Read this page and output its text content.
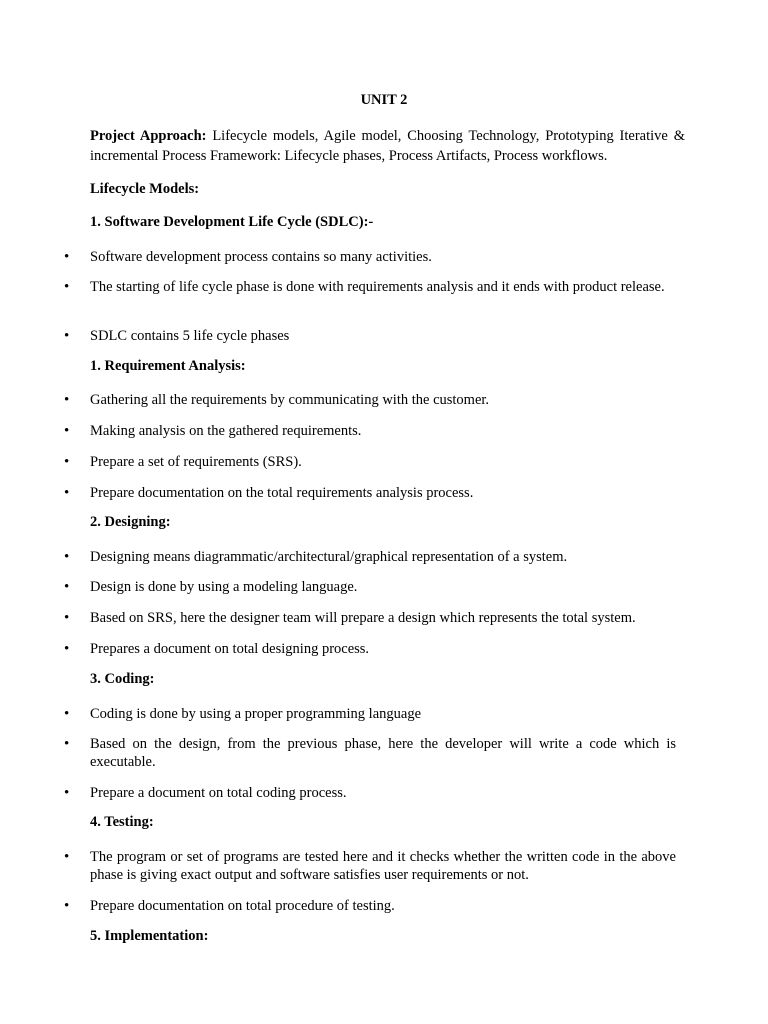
UNIT 2
Project Approach: Lifecycle models, Agile model, Choosing Technology, Prototyping Iterative & incremental Process Framework: Lifecycle phases, Process Artifacts, Process workflows.
Lifecycle Models:
1. Software Development Life Cycle (SDLC):-
• Software development process contains so many activities.
• The starting of life cycle phase is done with requirements analysis and it ends with product release.
• SDLC contains 5 life cycle phases
1. Requirement Analysis:
• Gathering all the requirements by communicating with the customer.
• Making analysis on the gathered requirements.
• Prepare a set of requirements (SRS).
• Prepare documentation on the total requirements analysis process.
2. Designing:
• Designing means diagrammatic/architectural/graphical representation of a system.
• Design is done by using a modeling language.
• Based on SRS, here the designer team will prepare a design which represents the total system.
• Prepares a document on total designing process.
3. Coding:
• Coding is done by using a proper programming language
• Based on the design, from the previous phase, here the developer will write a code which is executable.
• Prepare a document on total coding process.
4. Testing:
• The program or set of programs are tested here and it checks whether the written code in the above phase is giving exact output and software satisfies user requirements or not.
• Prepare documentation on total procedure of testing.
5. Implementation:
